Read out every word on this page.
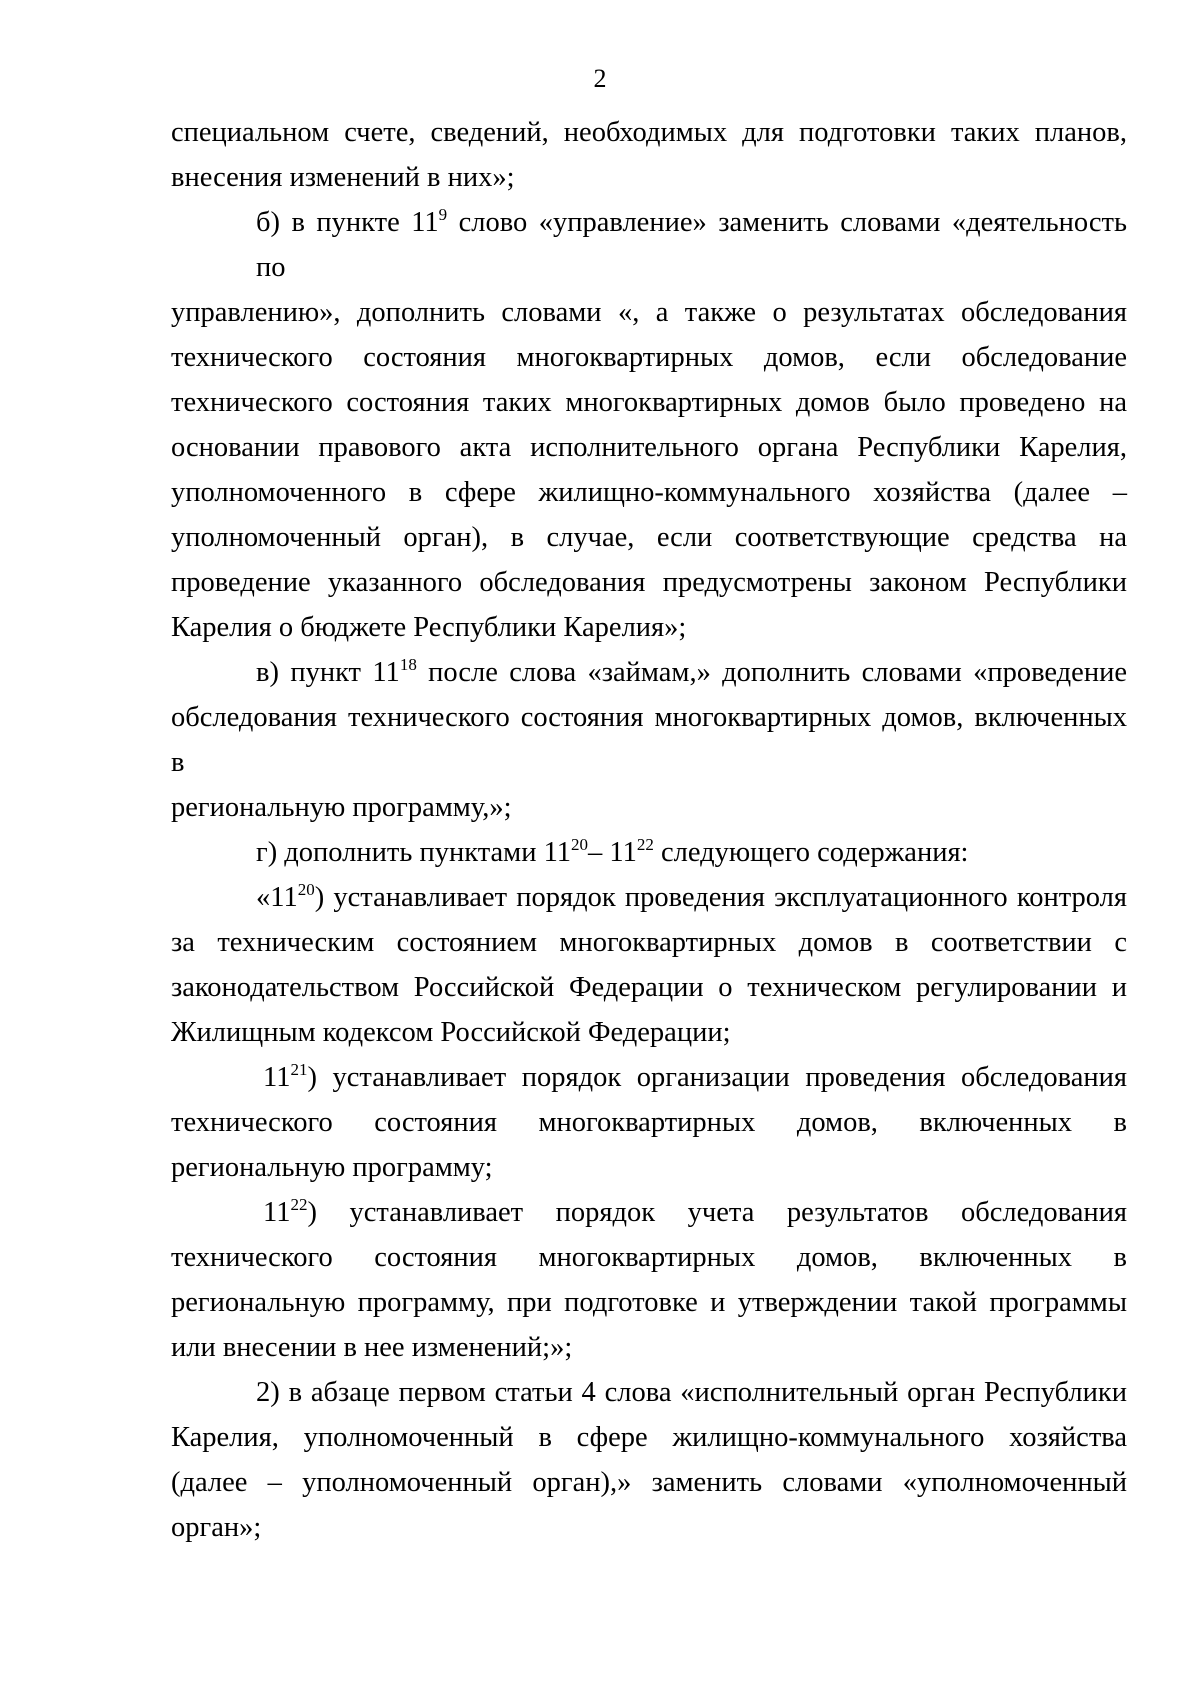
2
специальном счете, сведений, необходимых для подготовки таких планов,
внесения изменений в них»;
б) в пункте $11^9$ слово «управление» заменить словами «деятельность по
управлению», дополнить словами «, а также о результатах обследования
технического состояния многоквартирных домов, если обследование
технического состояния таких многоквартирных домов было проведено на
основании правового акта исполнительного органа Республики Карелия,
уполномоченного в сфере жилищно-коммунального хозяйства (далее –
уполномоченный орган), в случае, если соответствующие средства на
проведение указанного обследования предусмотрены законом Республики
Карелия о бюджете Республики Карелия»;
в) пункт $11^{18}$ после слова «займам,» дополнить словами «проведение
обследования технического состояния многоквартирных домов, включенных в
региональную программу,»;
г) дополнить пунктами $11^{20}-$ $11^{22}$ следующего содержания:
«$11^{20}$) устанавливает порядок проведения эксплуатационного контроля
за техническим состоянием многоквартирных домов в соответствии с
законодательством Российской Федерации о техническом регулировании и
Жилищным кодексом Российской Федерации;
$11^{21}$) устанавливает порядок организации проведения обследования
технического состояния многоквартирных домов, включенных в
региональную программу;
$11^{22}$) устанавливает порядок учета результатов обследования
технического состояния многоквартирных домов, включенных в
региональную программу, при подготовке и утверждении такой программы
или внесении в нее изменений;»;
2) в абзаце первом статьи 4 слова «исполнительный орган Республики
Карелия, уполномоченный в сфере жилищно-коммунального хозяйства
(далее – уполномоченный орган),» заменить словами «уполномоченный
орган»;
